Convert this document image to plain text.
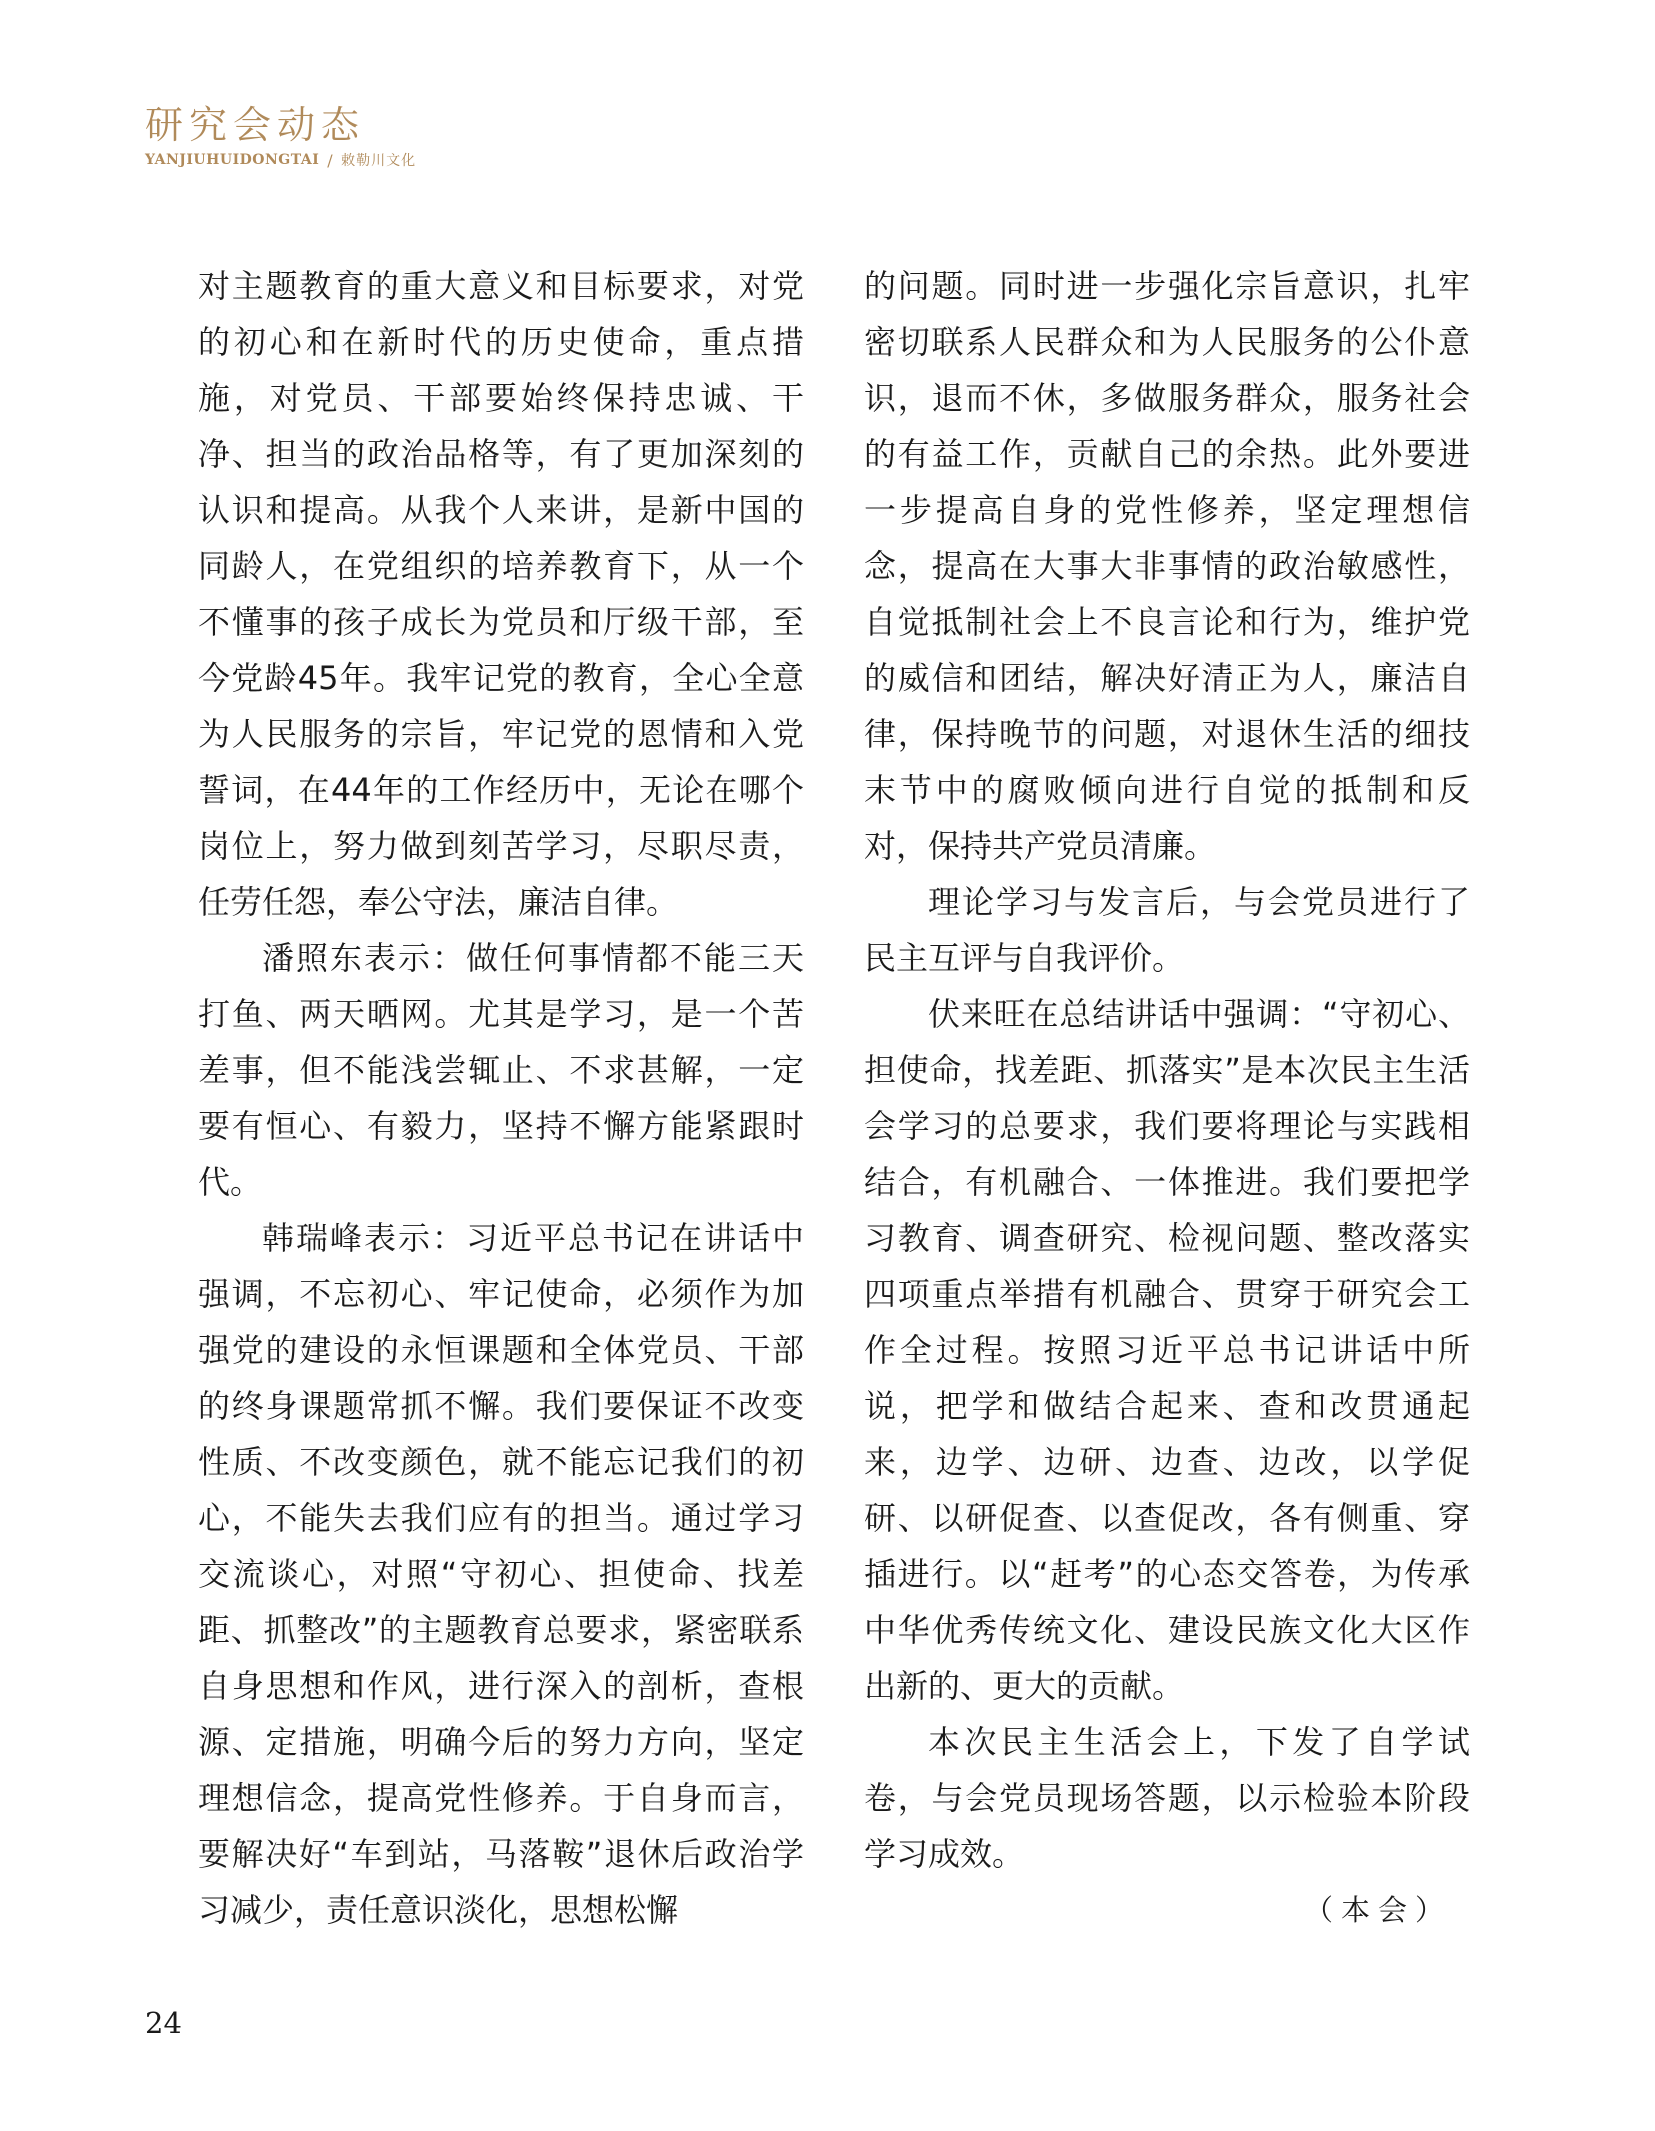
研究会动态
YANJIUHUIDONGTAI / 敕勒川文化

对主题教育的重大意义和目标要求，对党的初心和在新时代的历史使命，重点措施，对党员、干部要始终保持忠诚、干净、担当的政治品格等，有了更加深刻的认识和提高。从我个人来讲，是新中国的同龄人，在党组织的培养教育下，从一个不懂事的孩子成长为党员和厅级干部，至今党龄45年。我牢记党的教育，全心全意为人民服务的宗旨，牢记党的恩情和入党誓词，在44年的工作经历中，无论在哪个岗位上，努力做到刻苦学习，尽职尽责，任劳任怨，奉公守法，廉洁自律。

潘照东表示：做任何事情都不能三天打鱼、两天晒网。尤其是学习，是一个苦差事，但不能浅尝辄止、不求甚解，一定要有恒心、有毅力，坚持不懈方能紧跟时代。

韩瑞峰表示：习近平总书记在讲话中强调，不忘初心、牢记使命，必须作为加强党的建设的永恒课题和全体党员、干部的终身课题常抓不懈。我们要保证不改变性质、不改变颜色，就不能忘记我们的初心，不能失去我们应有的担当。通过学习交流谈心，对照“守初心、担使命、找差距、抓整改”的主题教育总要求，紧密联系自身思想和作风，进行深入的剖析，查根源、定措施，明确今后的努力方向，坚定理想信念，提高党性修养。于自身而言，要解决好“车到站，马落鞍”退休后政治学习减少，责任意识淡化，思想松懈

的问题。同时进一步强化宗旨意识，扎牢密切联系人民群众和为人民服务的公仆意识，退而不休，多做服务群众，服务社会的有益工作，贡献自己的余热。此外要进一步提高自身的党性修养，坚定理想信念，提高在大事大非事情的政治敏感性，自觉抵制社会上不良言论和行为，维护党的威信和团结，解决好清正为人，廉洁自律，保持晚节的问题，对退休生活的细技末节中的腐败倾向进行自觉的抵制和反对，保持共产党员清廉。

理论学习与发言后，与会党员进行了民主互评与自我评价。

伏来旺在总结讲话中强调：“守初心、担使命，找差距、抓落实”是本次民主生活会学习的总要求，我们要将理论与实践相结合，有机融合、一体推进。我们要把学习教育、调查研究、检视问题、整改落实四项重点举措有机融合、贯穿于研究会工作全过程。按照习近平总书记讲话中所说，把学和做结合起来、查和改贯通起来，边学、边研、边查、边改，以学促研、以研促查、以查促改，各有侧重、穿插进行。以“赶考”的心态交答卷，为传承中华优秀传统文化、建设民族文化大区作出新的、更大的贡献。

本次民主生活会上，下发了自学试卷，与会党员现场答题，以示检验本阶段学习成效。

（本会）

24
